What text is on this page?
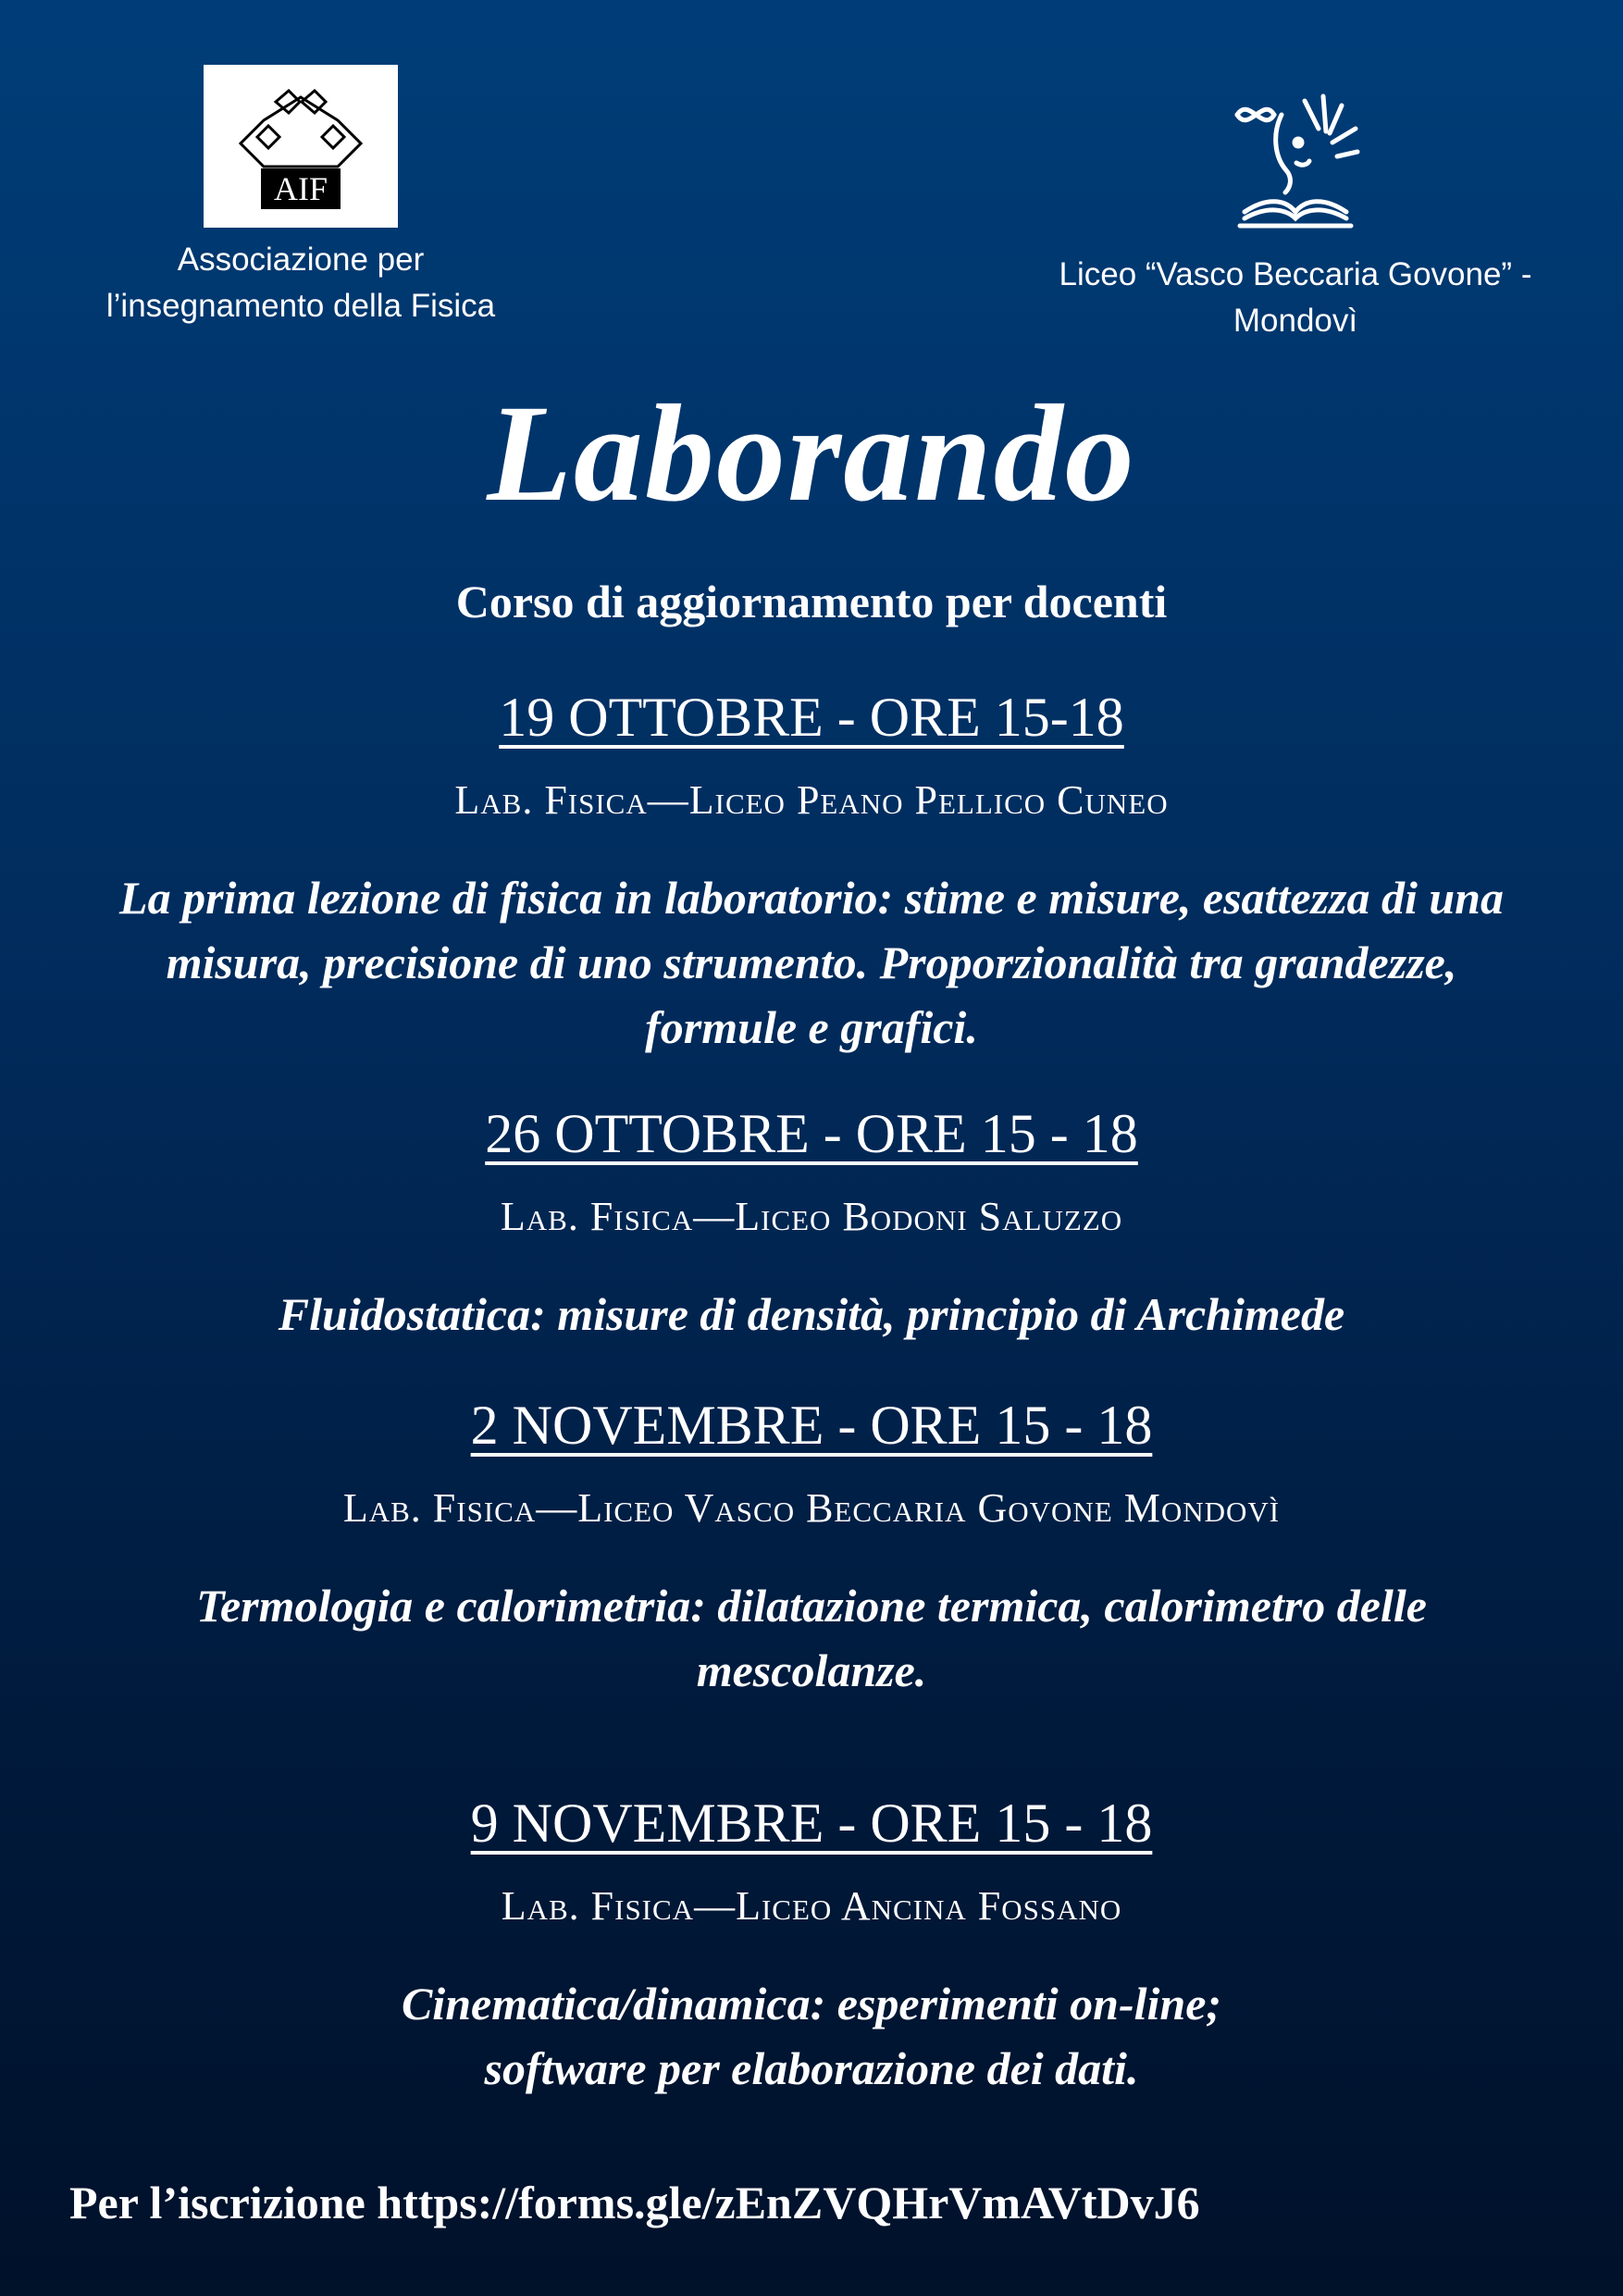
AIF
Associazione per
l’insegnamento della Fisica
Liceo “Vasco Beccaria Govone” -
Mondovì
Laborando
Corso di aggiornamento per docenti
19 OTTOBRE - ORE 15-18
Lab. Fisica—Liceo Peano Pellico Cuneo
La prima lezione di fisica in laboratorio: stime e misure, esattezza di una
misura, precisione di uno strumento. Proporzionalità tra grandezze,
formule e grafici.
26 OTTOBRE - ORE 15 - 18
Lab. Fisica—Liceo Bodoni Saluzzo
Fluidostatica: misure di densità, principio di Archimede
2 NOVEMBRE - ORE 15 - 18
Lab. Fisica—Liceo Vasco Beccaria Govone Mondovì
Termologia e calorimetria: dilatazione termica, calorimetro delle
mescolanze.
9 NOVEMBRE - ORE 15 - 18
Lab. Fisica—Liceo Ancina Fossano
Cinematica/dinamica: esperimenti on-line;
software per elaborazione dei dati.
Per l’iscrizione https://forms.gle/zEnZVQHrVmAVtDvJ6
